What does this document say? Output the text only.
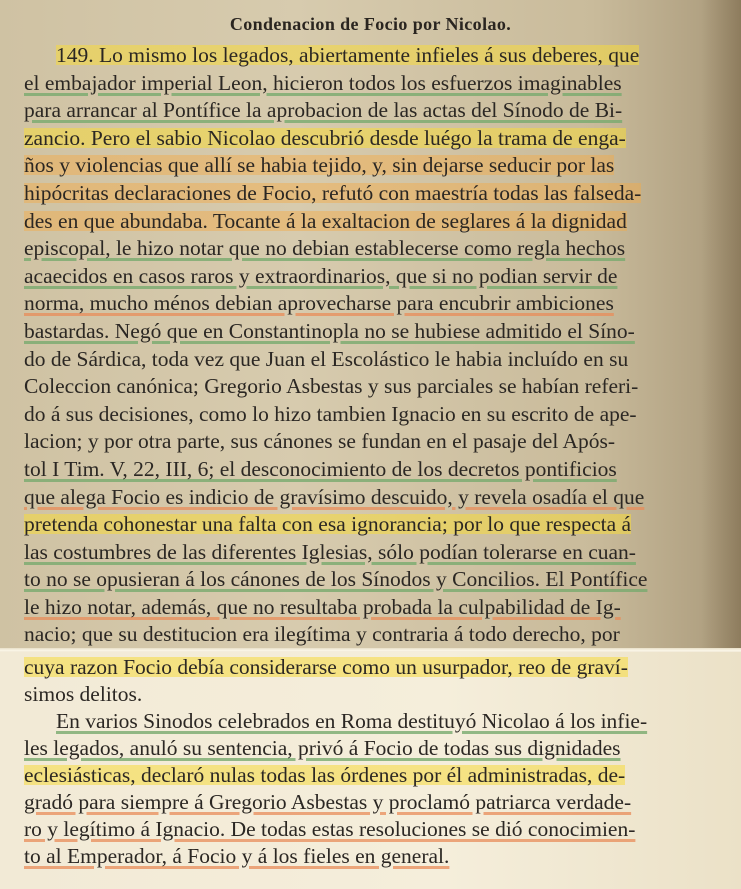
Condenacion de Focio por Nicolao.
149. Lo mismo los legados, abiertamente infieles á sus deberes, que
el embajador imperial Leon, hicieron todos los esfuerzos imaginables
para arrancar al Pontífice la aprobacion de las actas del Sínodo de Bi-
zancio. Pero el sabio Nicolao descubrió desde luégo la trama de enga-
ños y violencias que allí se habia tejido, y, sin dejarse seducir por las
hipócritas declaraciones de Focio, refutó con maestría todas las falseda-
des en que abundaba. Tocante á la exaltacion de seglares á la dignidad
episcopal, le hizo notar que no debian establecerse como regla hechos
acaecidos en casos raros y extraordinarios, que si no podian servir de
norma, mucho ménos debian aprovecharse para encubrir ambiciones
bastardas. Negó que en Constantinopla no se hubiese admitido el Síno-
do de Sárdica, toda vez que Juan el Escolástico le habia incluído en su
Coleccion canónica; Gregorio Asbestas y sus parciales se habían referi-
do á sus decisiones, como lo hizo tambien Ignacio en su escrito de ape-
lacion; y por otra parte, sus cánones se fundan en el pasaje del Após-
tol I Tim. V, 22, III, 6; el desconocimiento de los decretos pontificios
que alega Focio es indicio de gravísimo descuido, y revela osadía el que
pretenda cohonestar una falta con esa ignorancia; por lo que respecta á
las costumbres de las diferentes Iglesias, sólo podían tolerarse en cuan-
to no se opusieran á los cánones de los Sínodos y Concilios. El Pontífice
le hizo notar, además, que no resultaba probada la culpabilidad de Ig-
nacio; que su destitucion era ilegítima y contraria á todo derecho, por
cuya razon Focio debía considerarse como un usurpador, reo de graví-
simos delitos.
En varios Sinodos celebrados en Roma destituyó Nicolao á los infie-
les legados, anuló su sentencia, privó á Focio de todas sus dignidades
eclesiásticas, declaró nulas todas las órdenes por él administradas, de-
gradó para siempre á Gregorio Asbestas y proclamó patriarca verdade-
ro y legítimo á Ignacio. De todas estas resoluciones se dió conocimien-
to al Emperador, á Focio y á los fieles en general.
